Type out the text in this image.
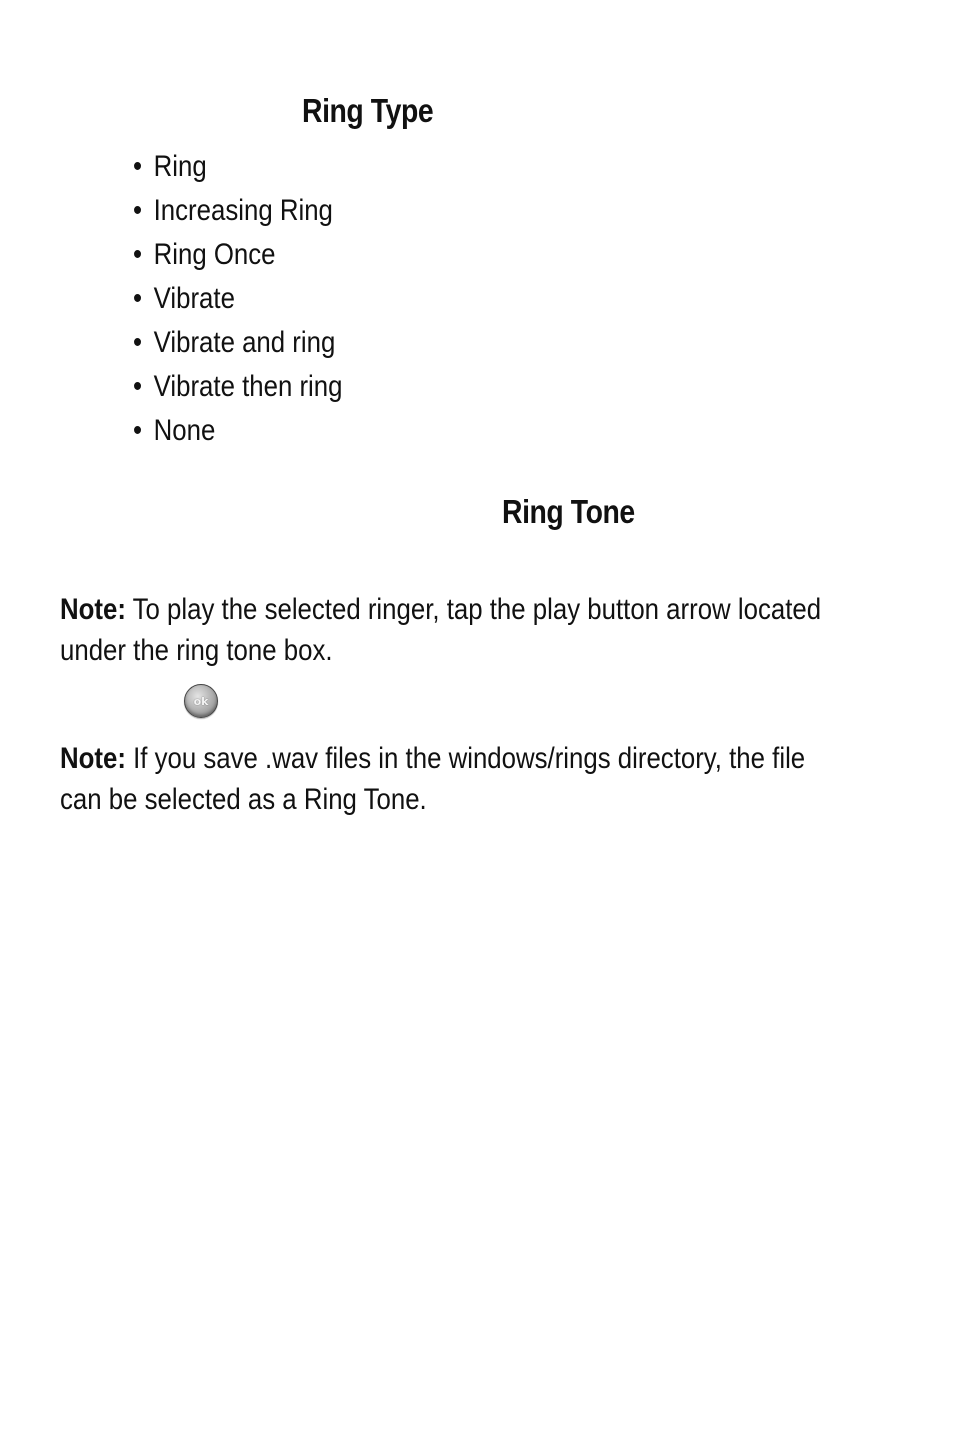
Ring Type
• Ring
• Increasing Ring
• Ring Once
• Vibrate
• Vibrate and ring
• Vibrate then ring
• None
Ring Tone

Note: To play the selected ringer, tap the play button arrow located under the ring tone box.

ok

Note: If you save .wav files in the windows/rings directory, the file can be selected as a Ring Tone.
